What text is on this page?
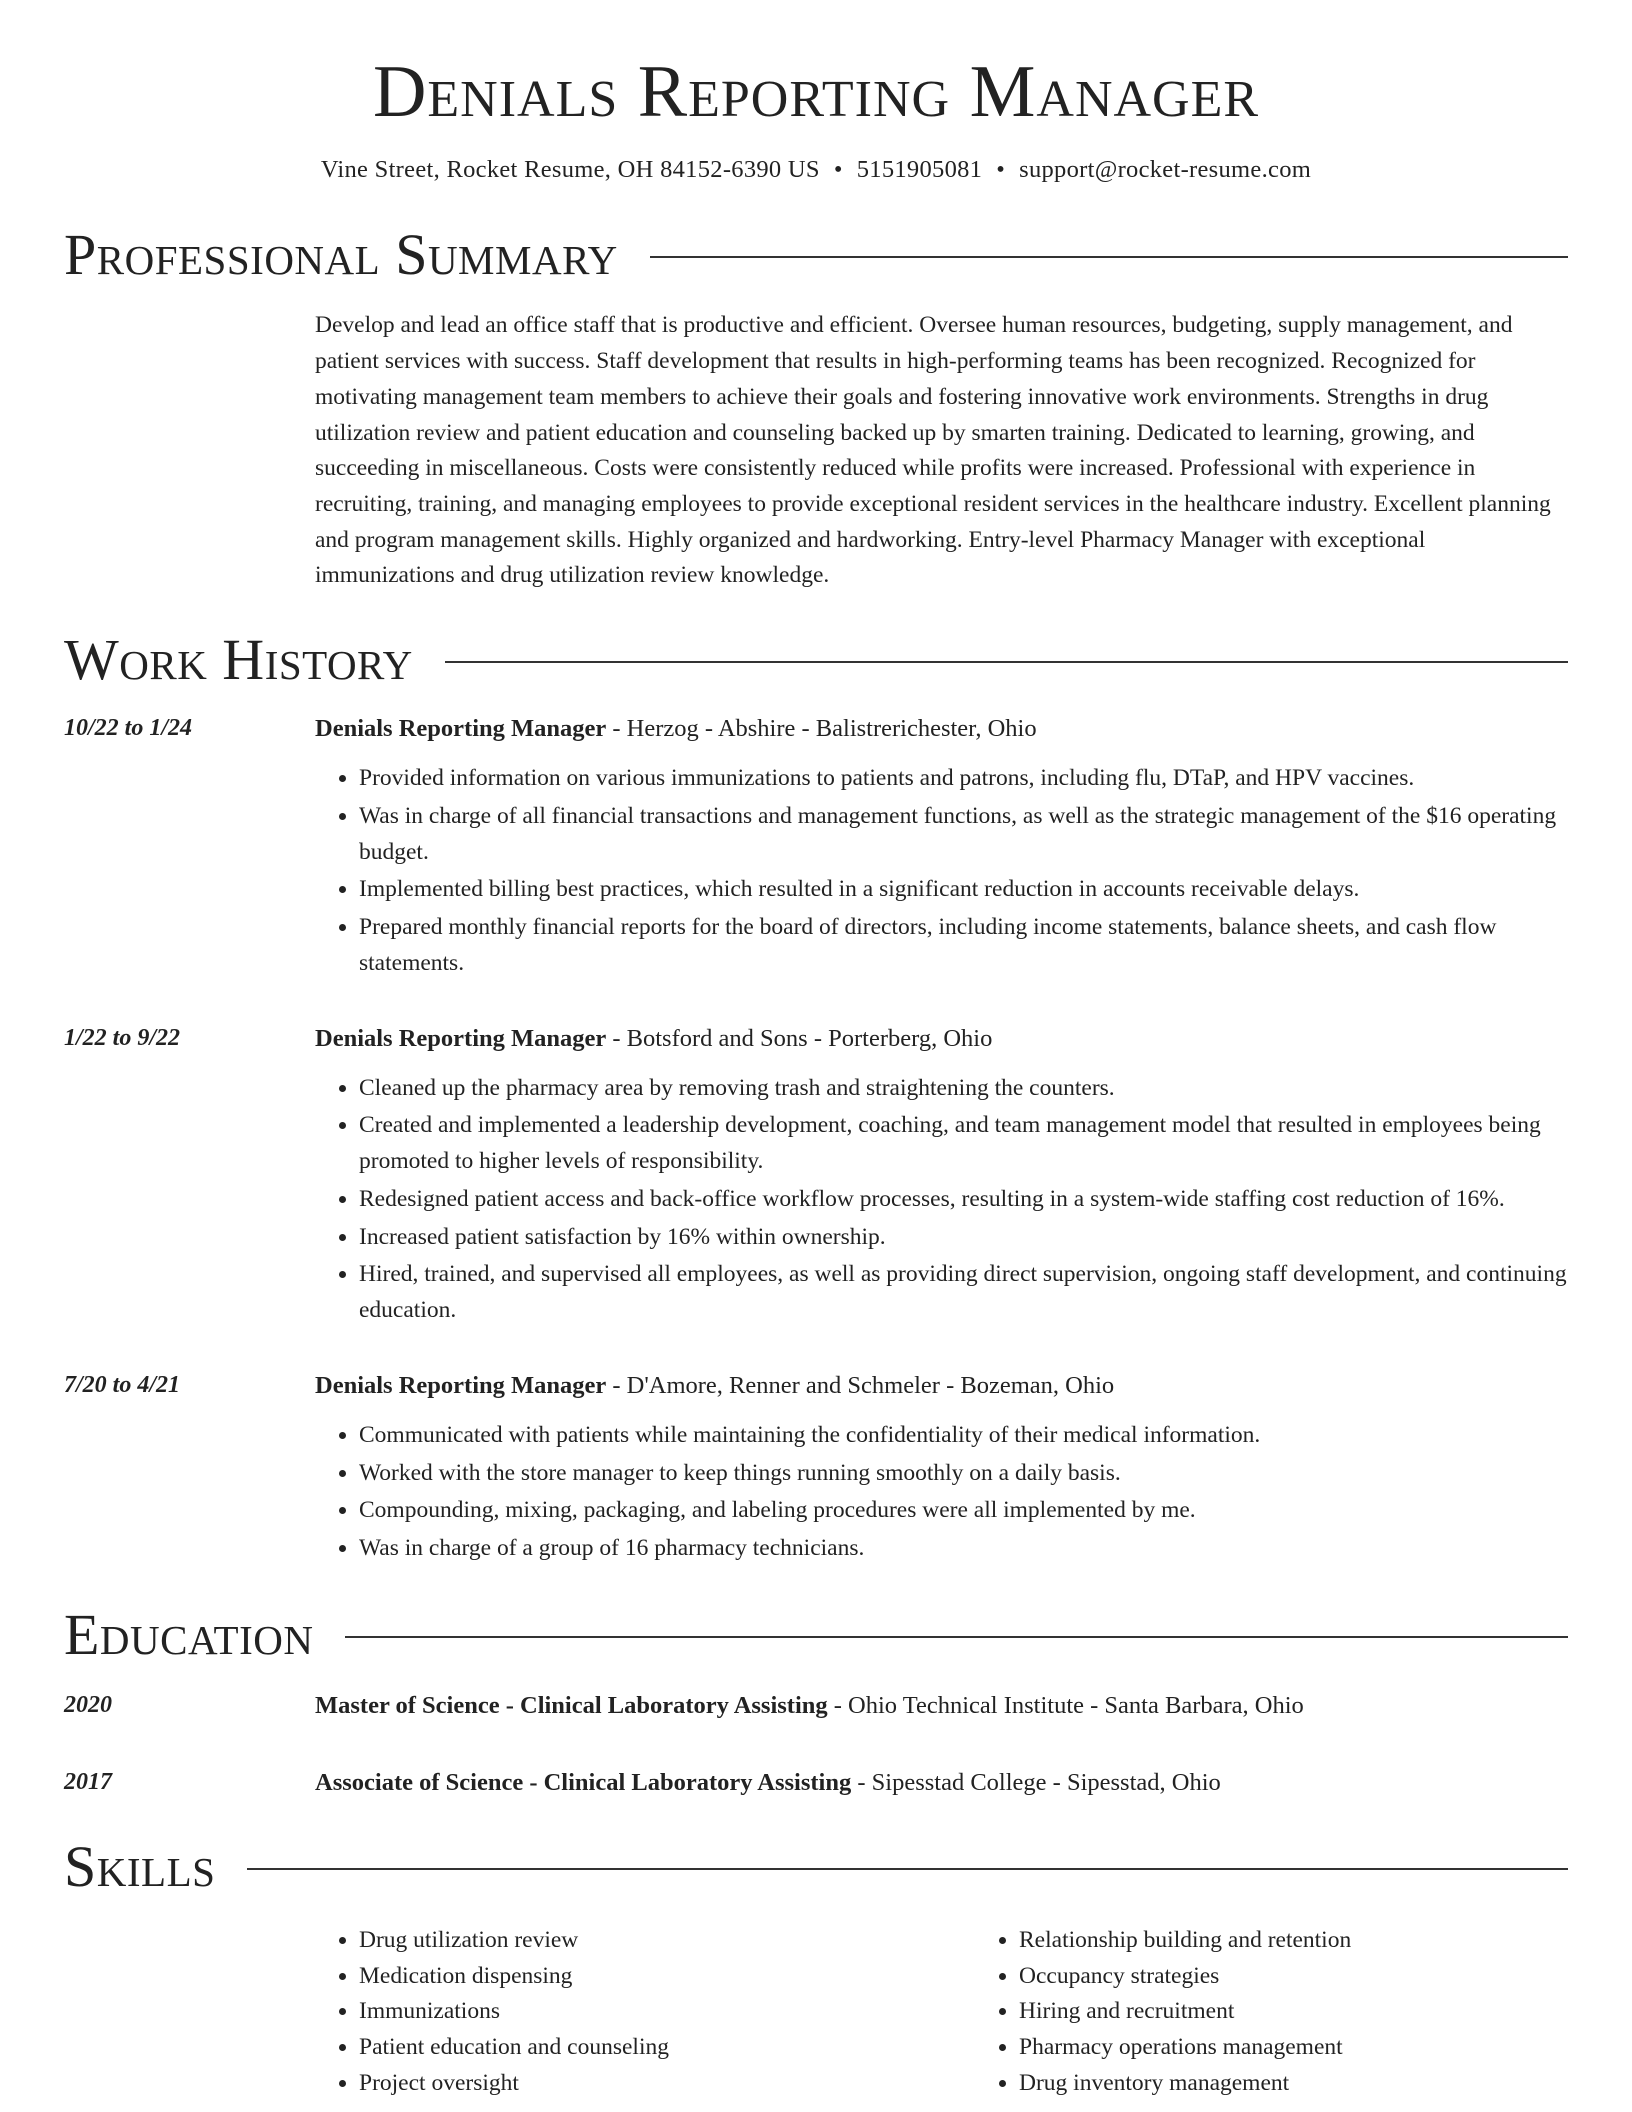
Denials Reporting Manager
Vine Street, Rocket Resume, OH 84152-6390 US • 5151905081 • support@rocket-resume.com
Professional Summary

Develop and lead an office staff that is productive and efficient. Oversee human resources, budgeting, supply management, and patient services with success. Staff development that results in high-performing teams has been recognized. Recognized for motivating management team members to achieve their goals and fostering innovative work environments. Strengths in drug utilization review and patient education and counseling backed up by smarten training. Dedicated to learning, growing, and succeeding in miscellaneous. Costs were consistently reduced while profits were increased. Professional with experience in recruiting, training, and managing employees to provide exceptional resident services in the healthcare industry. Excellent planning and program management skills. Highly organized and hardworking. Entry-level Pharmacy Manager with exceptional immunizations and drug utilization review knowledge.

Work History
10/22 to 1/24	Denials Reporting Manager - Herzog - Abshire - Balistrerichester, Ohio
• Provided information on various immunizations to patients and patrons, including flu, DTaP, and HPV vaccines.
• Was in charge of all financial transactions and management functions, as well as the strategic management of the $16 operating budget.
• Implemented billing best practices, which resulted in a significant reduction in accounts receivable delays.
• Prepared monthly financial reports for the board of directors, including income statements, balance sheets, and cash flow statements.
1/22 to 9/22	Denials Reporting Manager - Botsford and Sons - Porterberg, Ohio
• Cleaned up the pharmacy area by removing trash and straightening the counters.
• Created and implemented a leadership development, coaching, and team management model that resulted in employees being promoted to higher levels of responsibility.
• Redesigned patient access and back-office workflow processes, resulting in a system-wide staffing cost reduction of 16%.
• Increased patient satisfaction by 16% within ownership.
• Hired, trained, and supervised all employees, as well as providing direct supervision, ongoing staff development, and continuing education.
7/20 to 4/21	Denials Reporting Manager - D'Amore, Renner and Schmeler - Bozeman, Ohio
• Communicated with patients while maintaining the confidentiality of their medical information.
• Worked with the store manager to keep things running smoothly on a daily basis.
• Compounding, mixing, packaging, and labeling procedures were all implemented by me.
• Was in charge of a group of 16 pharmacy technicians.
Education
2020	Master of Science - Clinical Laboratory Assisting - Ohio Technical Institute - Santa Barbara, Ohio
2017	Associate of Science - Clinical Laboratory Assisting - Sipesstad College - Sipesstad, Ohio
Skills
• Drug utilization review
• Medication dispensing
• Immunizations
• Patient education and counseling
• Project oversight
• Relationship building and retention
• Occupancy strategies
• Hiring and recruitment
• Pharmacy operations management
• Drug inventory management
